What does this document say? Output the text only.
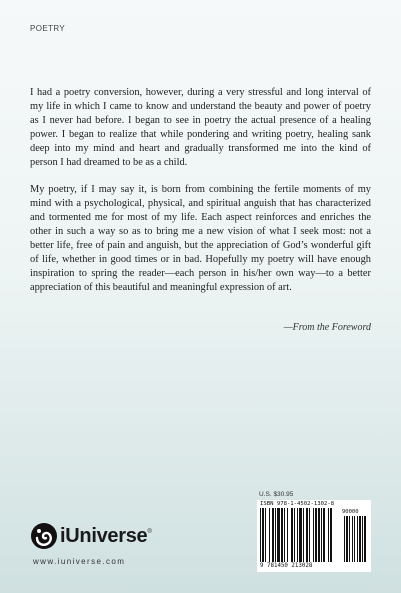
POETRY

I had a poetry conversion, however, during a very stressful and long interval of my life in which I came to know and understand the beauty and power of poetry as I never had before. I began to see in poetry the actual presence of a healing power. I began to realize that while pondering and writing poetry, healing sank deep into my mind and heart and gradually transformed me into the kind of person I had dreamed to be as a child.

My poetry, if I may say it, is born from combining the fertile moments of my mind with a psychological, physical, and spiritual anguish that has characterized and tormented me for most of my life. Each aspect reinforces and enriches the other in such a way so as to bring me a new vision of what I seek most: not a better life, free of pain and anguish, but the appreciation of God’s wonderful gift of life, whether in good times or in bad. Hopefully my poetry will have enough inspiration to spring the reader—each person in his/her own way—to a better appreciation of this beautiful and meaningful expression of art.

—From the Foreword
iUniverse ®
www.iuniverse.com
U.S. $30.95
ISBN 978-1-4502-1302-8
90000
9 781450 213028
